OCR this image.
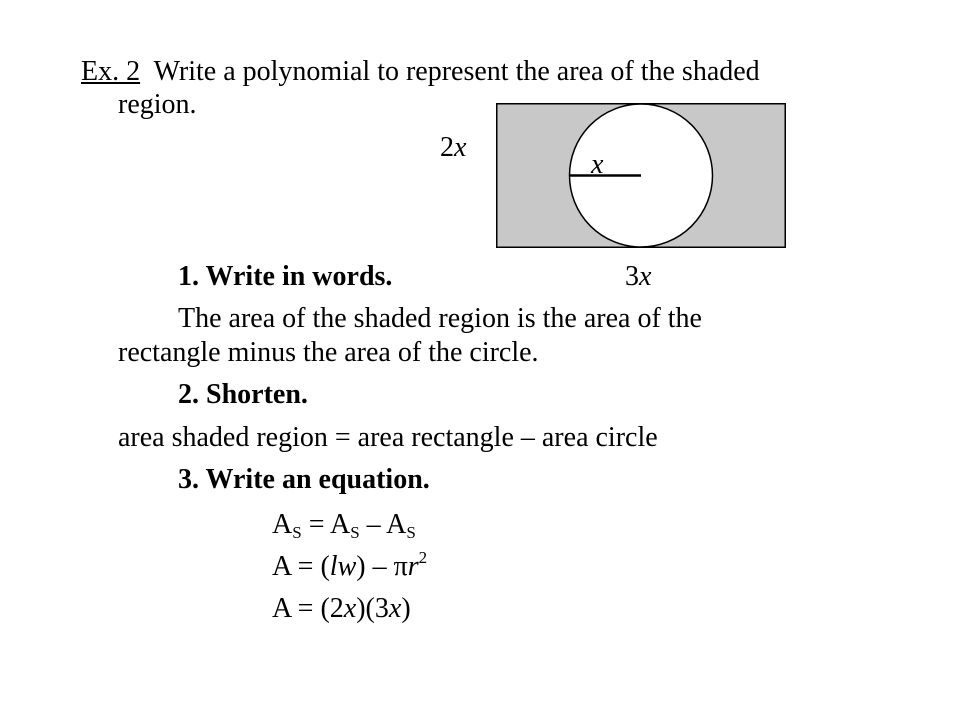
Ex. 2 Write a polynomial to represent the area of the shaded
region.
2x
x
3x
1. Write in words.
The area of the shaded region is the area of the
rectangle minus the area of the circle.
2. Shorten.
area shaded region = area rectangle – area circle
3. Write an equation.
$A_S = A_S - A_S$
$A = (lw) - \pi r^2$
A = (2x)(3x)
